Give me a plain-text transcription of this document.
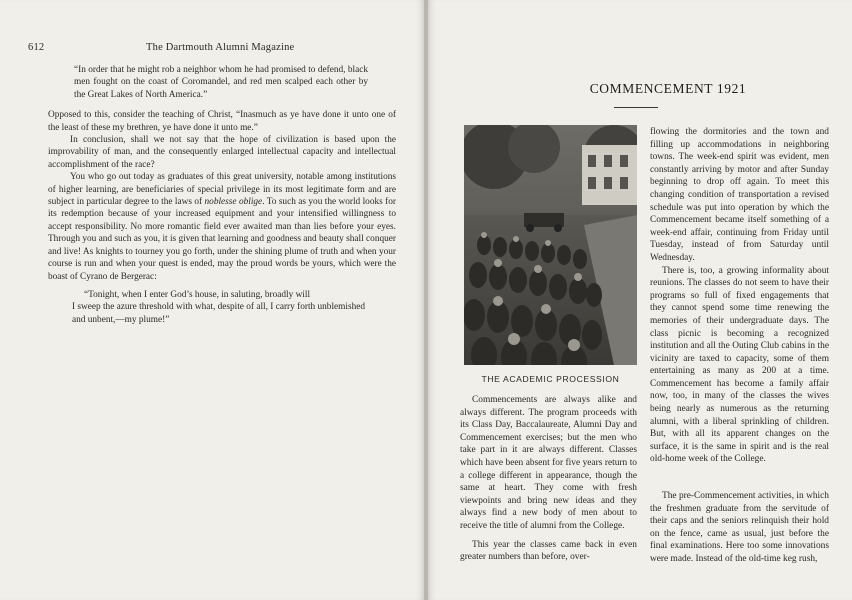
612	The Dartmouth Alumni Magazine

“In order that he might rob a neighbor whom he had promised to defend, black men fought on the coast of Coromandel, and red men scalped each other by the Great Lakes of North America.”

Opposed to this, consider the teaching of Christ, “Inasmuch as ye have done it unto one of the least of these my brethren, ye have done it unto me.”

In conclusion, shall we not say that the hope of civilization is based upon the improvability of man, and the consequently enlarged intellectual capacity and intellectual accomplishment of the race?

You who go out today as graduates of this great university, notable among institutions of higher learning, are beneficiaries of special privilege in its most legitimate form and are subject in particular degree to the laws of noblesse oblige. To such as you the world looks for its redemption because of your increased equipment and your intensified willingness to accept responsibility. No more romantic field ever awaited man than lies before your eyes. Through you and such as you, it is given that learning and goodness and beauty shall conquer and live! As knights to tourney you go forth, under the shining plume of truth and when your course is run and when your quest is ended, may the proud words be yours, which were the boast of Cyrano de Bergerac:

“Tonight, when I enter God’s house, in saluting, broadly will

I sweep the azure threshold with what, despite of all, I carry forth unblemished and unbent,—my plume!”

COMMENCEMENT 1921
THE ACADEMIC PROCESSION

Commencements are always alike and always different. The program proceeds with its Class Day, Baccalaureate, Alumni Day and Commencement exercises; but the men who take part in it are always different. Classes which have been absent for five years return to a college different in appearance, though the same at heart. They come with fresh viewpoints and bring new ideas and they always find a new body of men about to receive the title of alumni from the College.

This year the classes came back in even greater numbers than before, over-

flowing the dormitories and the town and filling up accommodations in neighboring towns. The week-end spirit was evident, men constantly arriving by motor and after Sunday beginning to drop off again. To meet this changing condition of transportation a revised schedule was put into operation by which the Commencement became itself something of a week-end affair, continuing from Friday until Tuesday, instead of from Saturday until Wednesday.

There is, too, a growing informality about reunions. The classes do not seem to have their programs so full of fixed engagements that they cannot spend some time renewing the memories of their undergraduate days. The class picnic is becoming a recognized institution and all the Outing Club cabins in the vicinity are taxed to capacity, some of them entertaining as many as 200 at a time. Commencement has become a family affair now, too, in many of the classes the wives being nearly as numerous as the returning alumni, with a liberal sprinkling of children. But, with all its apparent changes on the surface, it is the same in spirit and is the real old-home week of the College.

The pre-Commencement activities, in which the freshmen graduate from the servitude of their caps and the seniors relinquish their hold on the fence, came as usual, just before the final examinations. Here too some innovations were made. Instead of the old-time keg rush,
